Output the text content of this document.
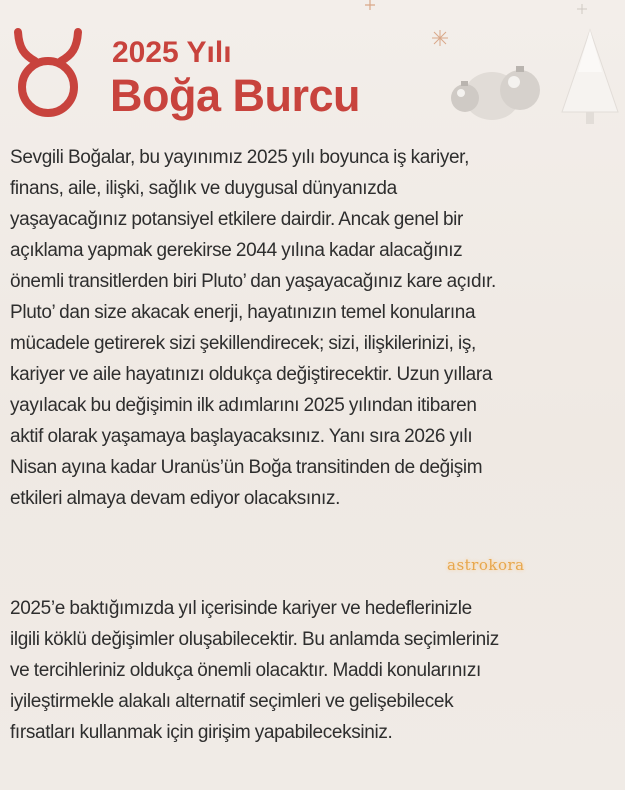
2025 Yılı
Boğa Burcu
Sevgili Boğalar, bu yayınımız 2025 yılı boyunca iş kariyer,
finans, aile, ilişki, sağlık ve duygusal dünyanızda
yaşayacağınız potansiyel etkilere dairdir. Ancak genel bir
açıklama yapmak gerekirse 2044 yılına kadar alacağınız
önemli transitlerden biri Pluto’ dan yaşayacağınız kare açıdır.
Pluto’ dan size akacak enerji, hayatınızın temel konularına
mücadele getirerek sizi şekillendirecek; sizi, ilişkilerinizi, iş,
kariyer ve aile hayatınızı oldukça değiştirecektir. Uzun yıllara
yayılacak bu değişimin ilk adımlarını 2025 yılından itibaren
aktif olarak yaşamaya başlayacaksınız. Yanı sıra 2026 yılı
Nisan ayına kadar Uranüs’ün Boğa transitinden de değişim
etkileri almaya devam ediyor olacaksınız.
astrokora
2025’e baktığımızda yıl içerisinde kariyer ve hedeflerinizle
ilgili köklü değişimler oluşabilecektir. Bu anlamda seçimleriniz
ve tercihleriniz oldukça önemli olacaktır. Maddi konularınızı
iyileştirmekle alakalı alternatif seçimleri ve gelişebilecek
fırsatları kullanmak için girişim yapabileceksiniz.
